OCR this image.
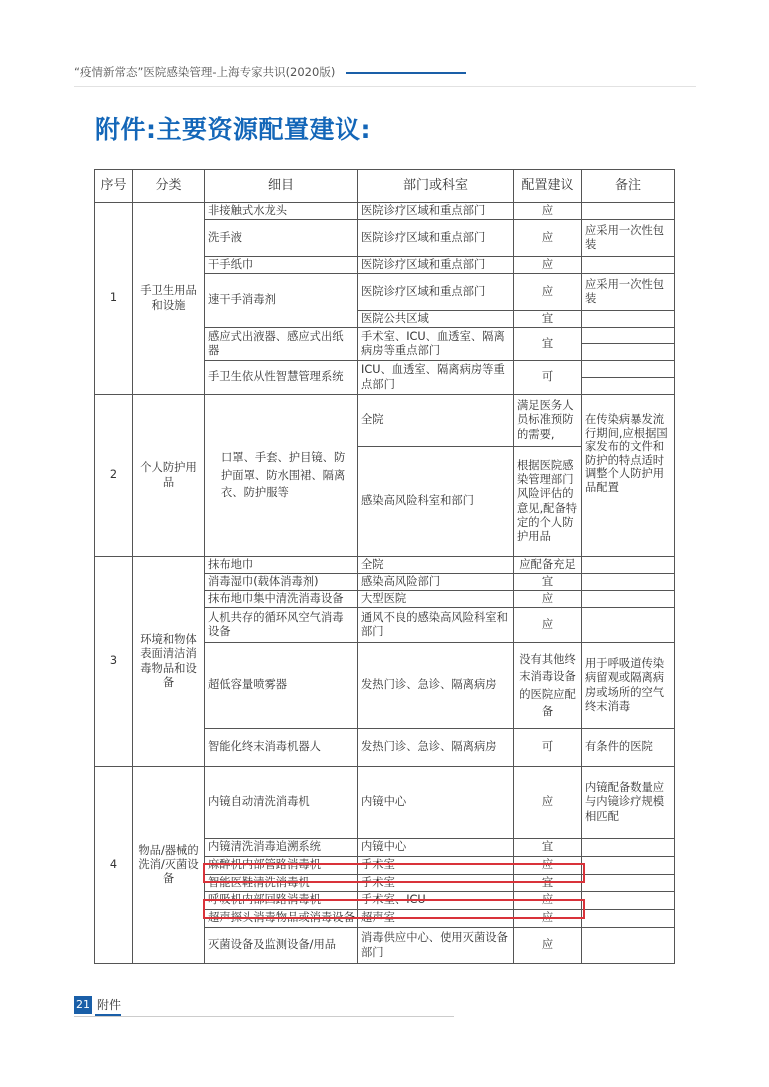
“疫情新常态”医院感染管理-上海专家共识(2020版)
附件:主要资源配置建议:
序号	分类	细目	部门或科室	配置建议	备注
1	手卫生用品和设施	非接触式水龙头	医院诊疗区域和重点部门	应	
		洗手液	医院诊疗区域和重点部门	应	应采用一次性包装
		干手纸巾	医院诊疗区域和重点部门	应	
		速干手消毒剂	医院诊疗区域和重点部门	应	应采用一次性包装
			医院公共区域	宜	
		感应式出液器、感应式出纸器	手术室、ICU、血透室、隔离病房等重点部门	宜	

		手卫生依从性智慧管理系统	ICU、血透室、隔离病房等重点部门	可	

2	个人防护用品	口罩、手套、护目镜、防护面罩、防水围裙、隔离衣、防护服等	全院	满足医务人员标准预防的需要,	在传染病暴发流行期间,应根据国家发布的文件和防护的特点适时调整个人防护用品配置
			感染高风险科室和部门	根据医院感染管理部门风险评估的意见,配备特定的个人防护用品	
3	环境和物体表面清洁消毒物品和设备	抹布地巾	全院	应配备充足	
		消毒湿巾(载体消毒剂)	感染高风险部门	宜	
		抹布地巾集中清洗消毒设备	大型医院	应	
		人机共存的循环风空气消毒设备	通风不良的感染高风险科室和部门	应	
		超低容量喷雾器	发热门诊、急诊、隔离病房	没有其他终末消毒设备的医院应配备	用于呼吸道传染病留观或隔离病房或场所的空气终末消毒
		智能化终末消毒机器人	发热门诊、急诊、隔离病房	可	有条件的医院
4	物品/器械的洗消/灭菌设备	内镜自动清洗消毒机	内镜中心	应	内镜配备数量应与内镜诊疗规模相匹配
		内镜清洗消毒追溯系统	内镜中心	宜	
		麻醉机内部管路消毒机	手术室	应	
		智能医鞋清洗消毒机	手术室	宜	
		呼吸机内部回路消毒机	手术室、ICU	应	
		超声探头消毒物品或消毒设备	超声室	应	
		灭菌设备及监测设备/用品	消毒供应中心、使用灭菌设备部门	应	
21 附件
